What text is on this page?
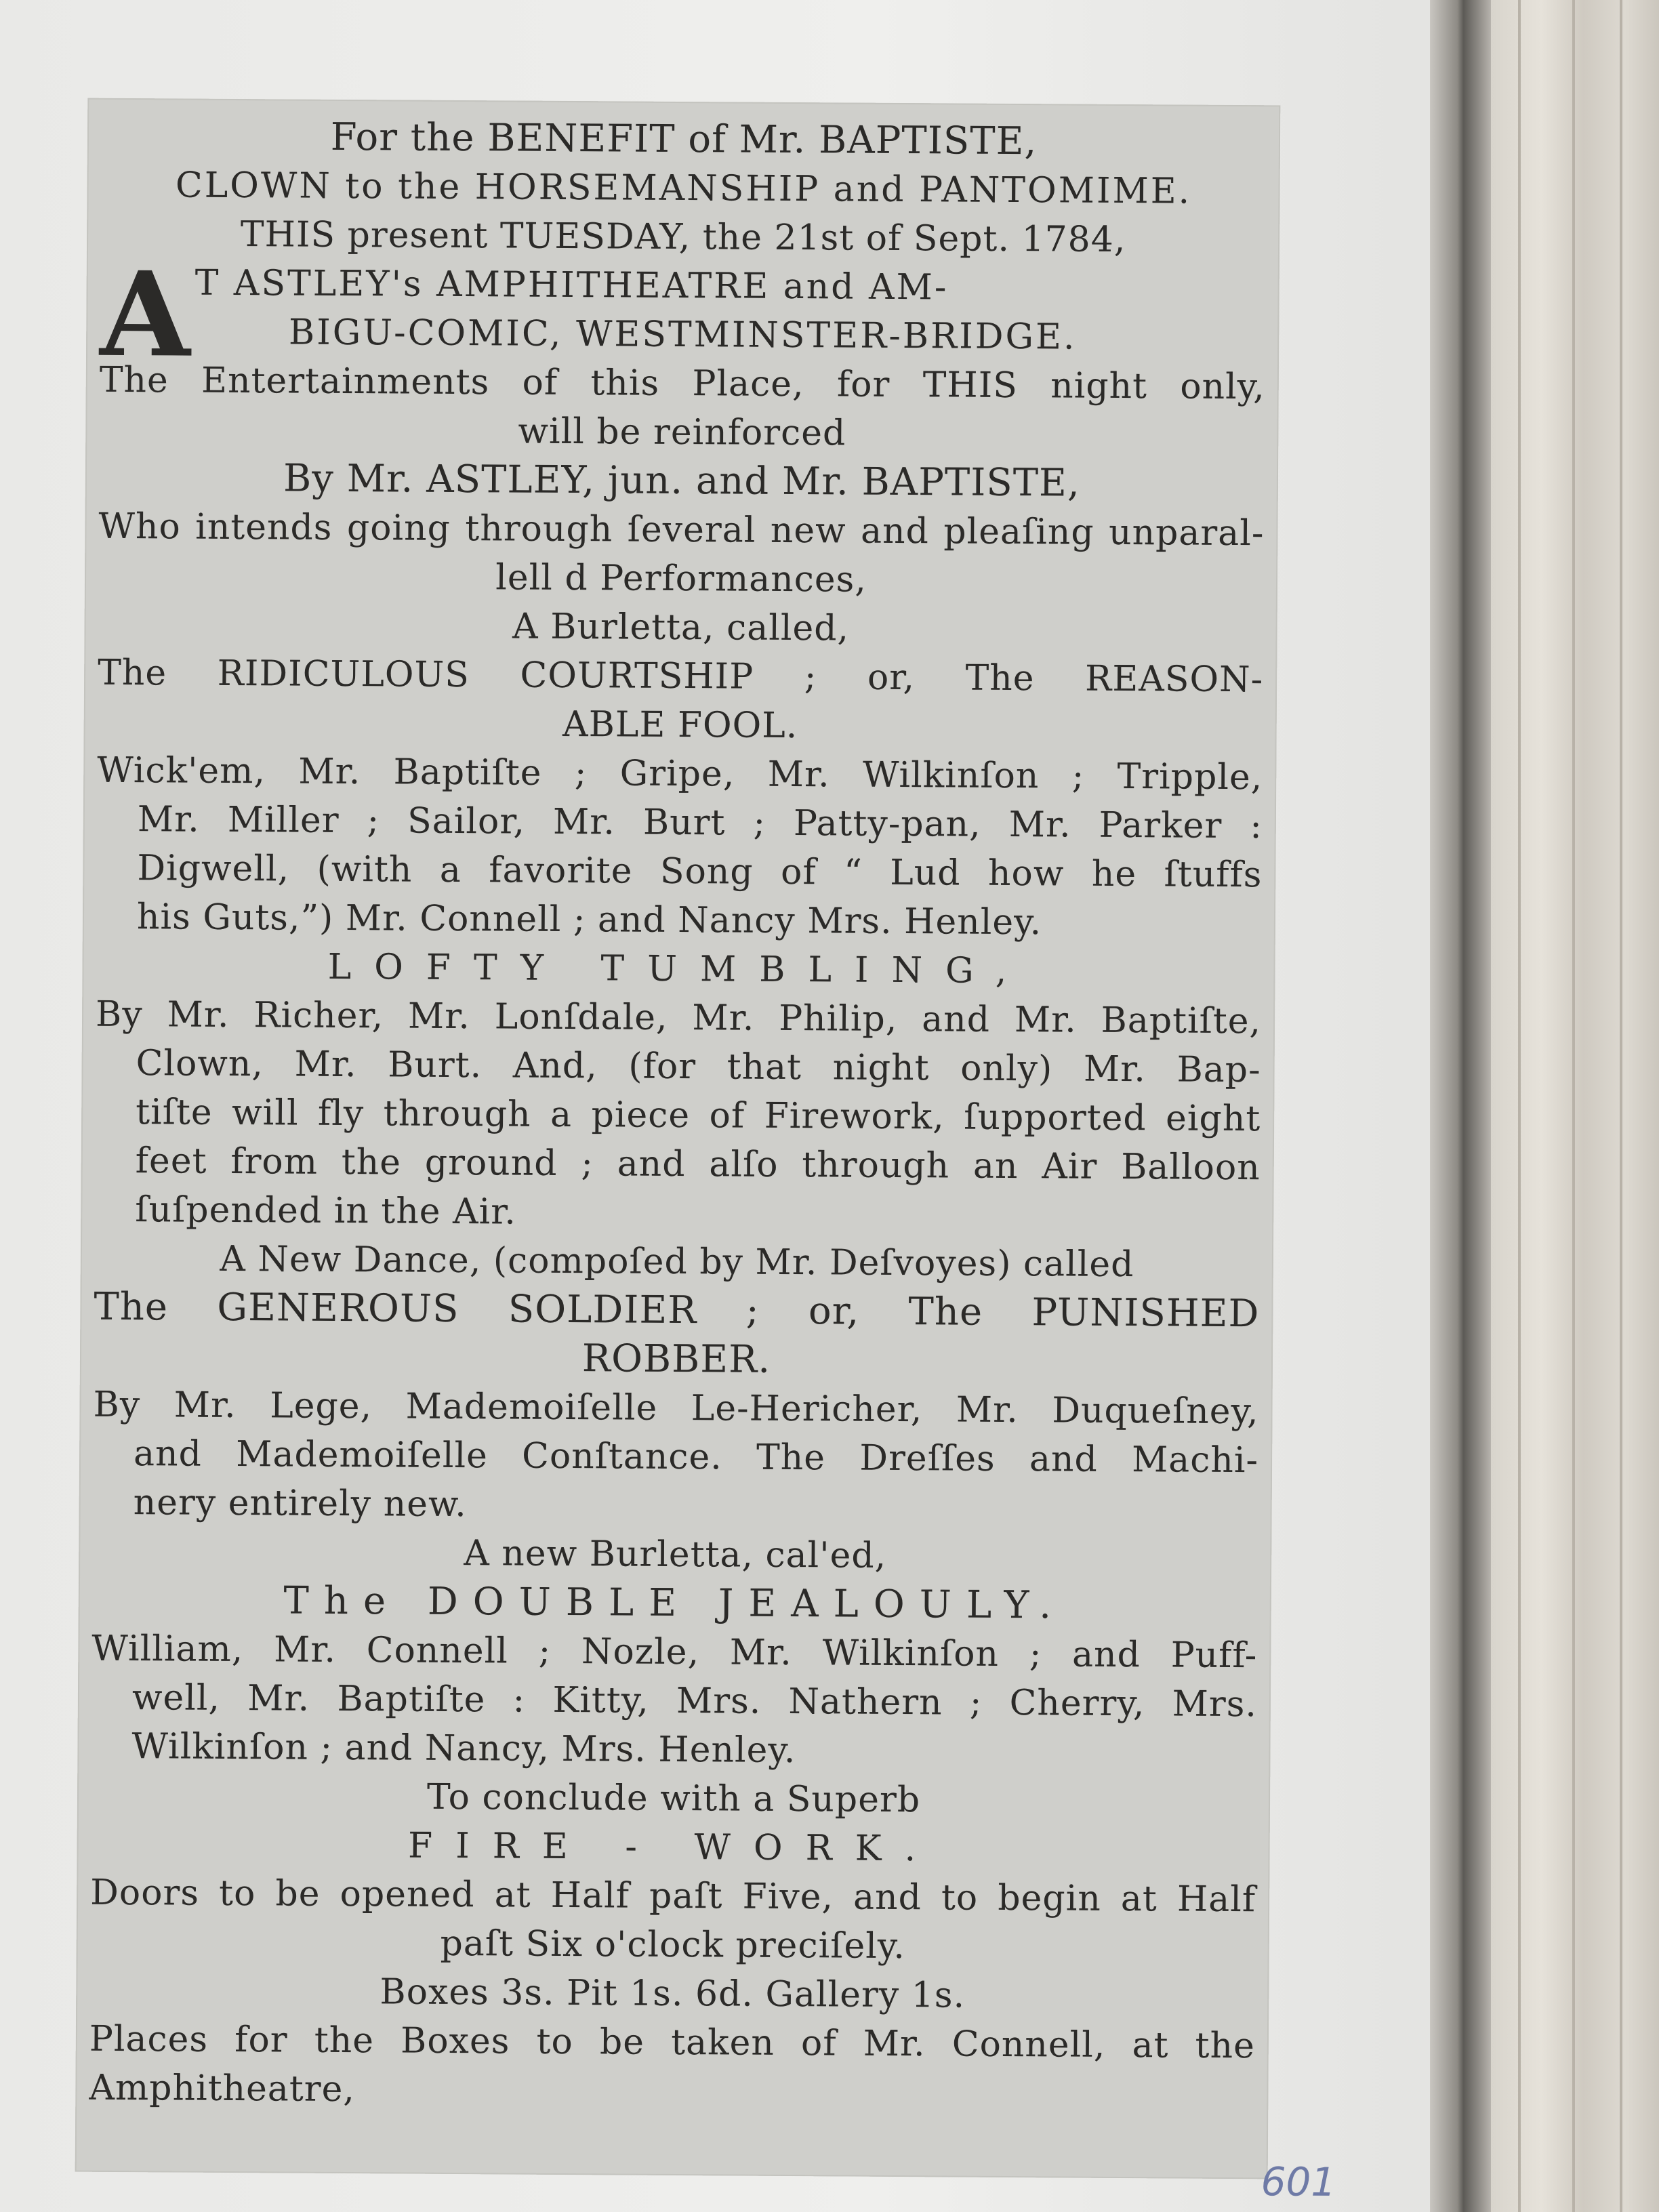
For the BENEFIT of Mr. BAPTISTE,
CLOWN to the HORSEMANSHIP and PANTOMIME.
THIS present TUESDAY, the 21st of Sept. 1784,
A T ASTLEY's AMPHITHEATRE and AM-
BIGU-COMIC, WESTMINSTER-BRIDGE.
The Entertainments of this Place, for THIS night only,
will be reinforced
By Mr. ASTLEY, jun. and Mr. BAPTISTE,
Who intends going through ſeveral new and pleaſing unparal-
lell d Performances,
A Burletta, called,
The RIDICULOUS COURTSHIP ; or, The REASON-
ABLE FOOL.
Wick'em, Mr. Baptiſte ; Gripe, Mr. Wilkinſon ; Tripple,
Mr. Miller ; Sailor, Mr. Burt ; Patty-pan, Mr. Parker :
Digwell, (with a favorite Song of “ Lud how he ſtuffs
his Guts,”) Mr. Connell ; and Nancy Mrs. Henley.
LOFTY TUMBLING,
By Mr. Richer, Mr. Lonſdale, Mr. Philip, and Mr. Baptiſte,
Clown, Mr. Burt. And, (for that night only) Mr. Bap-
tiſte will fly through a piece of Firework, ſupported eight
feet from the ground ; and alſo through an Air Balloon
ſuſpended in the Air.
A New Dance, (compoſed by Mr. Deſvoyes) called
The GENEROUS SOLDIER ; or, The PUNISHED
ROBBER.
By Mr. Lege, Mademoiſelle Le-Hericher, Mr. Duqueſney,
and Mademoiſelle Conſtance. The Dreſſes and Machi-
nery entirely new.
A new Burletta, cal'ed,
The DOUBLE JEALOULY.
William, Mr. Connell ; Nozle, Mr. Wilkinſon ; and Puff-
well, Mr. Baptiſte : Kitty, Mrs. Nathern ; Cherry, Mrs.
Wilkinſon ; and Nancy, Mrs. Henley.
To conclude with a Superb
FIRE - WORK.
Doors to be opened at Half paſt Five, and to begin at Half
paſt Six o'clock preciſely.
Boxes 3s. Pit 1s. 6d. Gallery 1s.
Places for the Boxes to be taken of Mr. Connell, at the
Amphitheatre,
601
